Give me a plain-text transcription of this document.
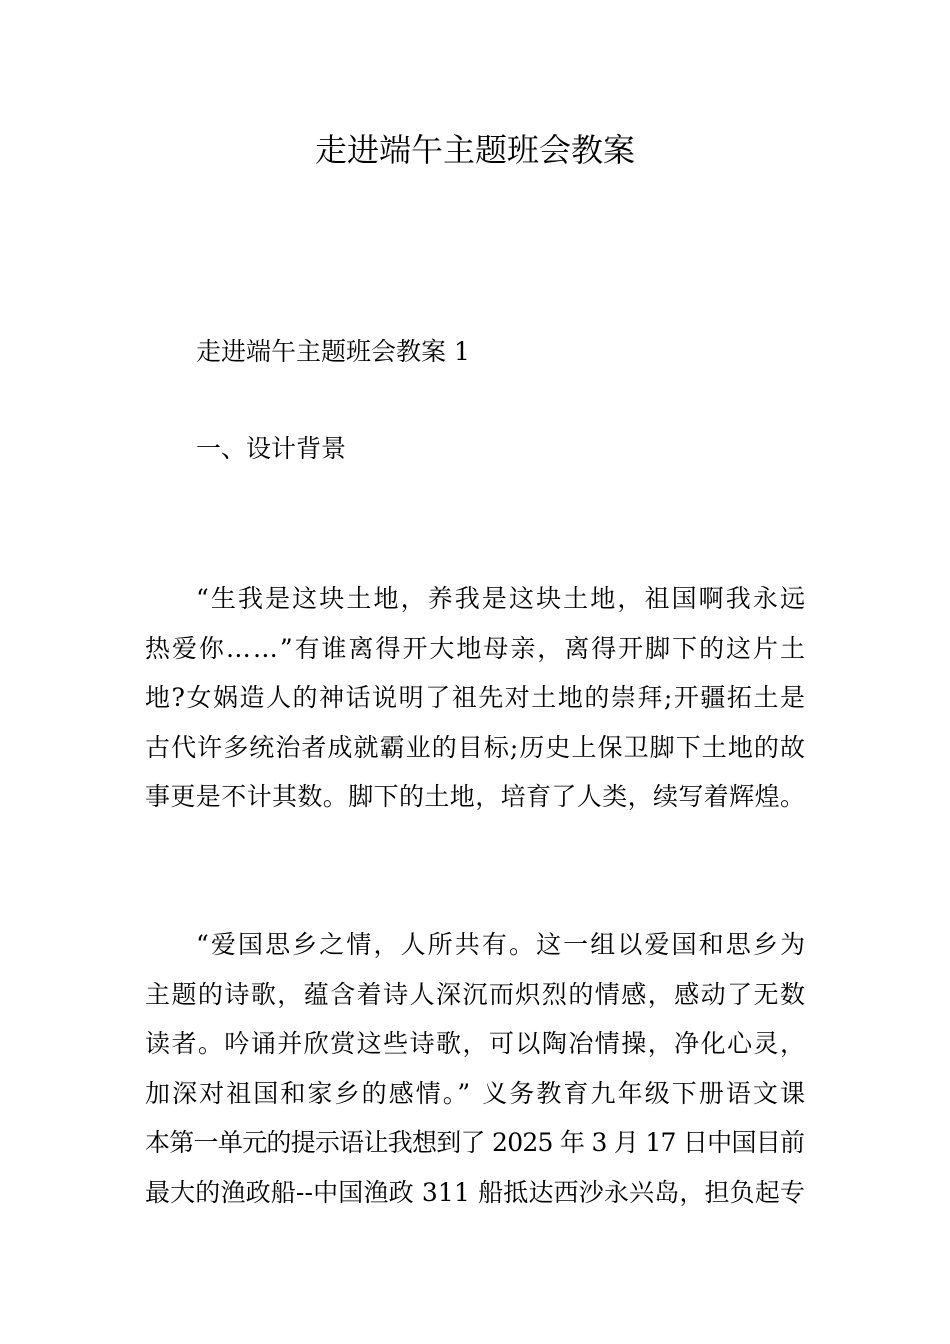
走进端午主题班会教案

走进端午主题班会教案 1

一、设计背景

“生我是这块土地，养我是这块土地，祖国啊我永远

热爱你……”有谁离得开大地母亲，离得开脚下的这片土

地?女娲造人的神话说明了祖先对土地的崇拜;开疆拓土是

古代许多统治者成就霸业的目标;历史上保卫脚下土地的故

事更是不计其数。脚下的土地，培育了人类，续写着辉煌。

“爱国思乡之情，人所共有。这一组以爱国和思乡为

主题的诗歌，蕴含着诗人深沉而炽烈的情感，感动了无数

读者。吟诵并欣赏这些诗歌，可以陶冶情操，净化心灵，

加深对祖国和家乡的感情。” 义务教育九年级下册语文课

本第一单元的提示语让我想到了 2025 年 3 月 17 日中国目前

最大的渔政船--中国渔政 311 船抵达西沙永兴岛，担负起专
